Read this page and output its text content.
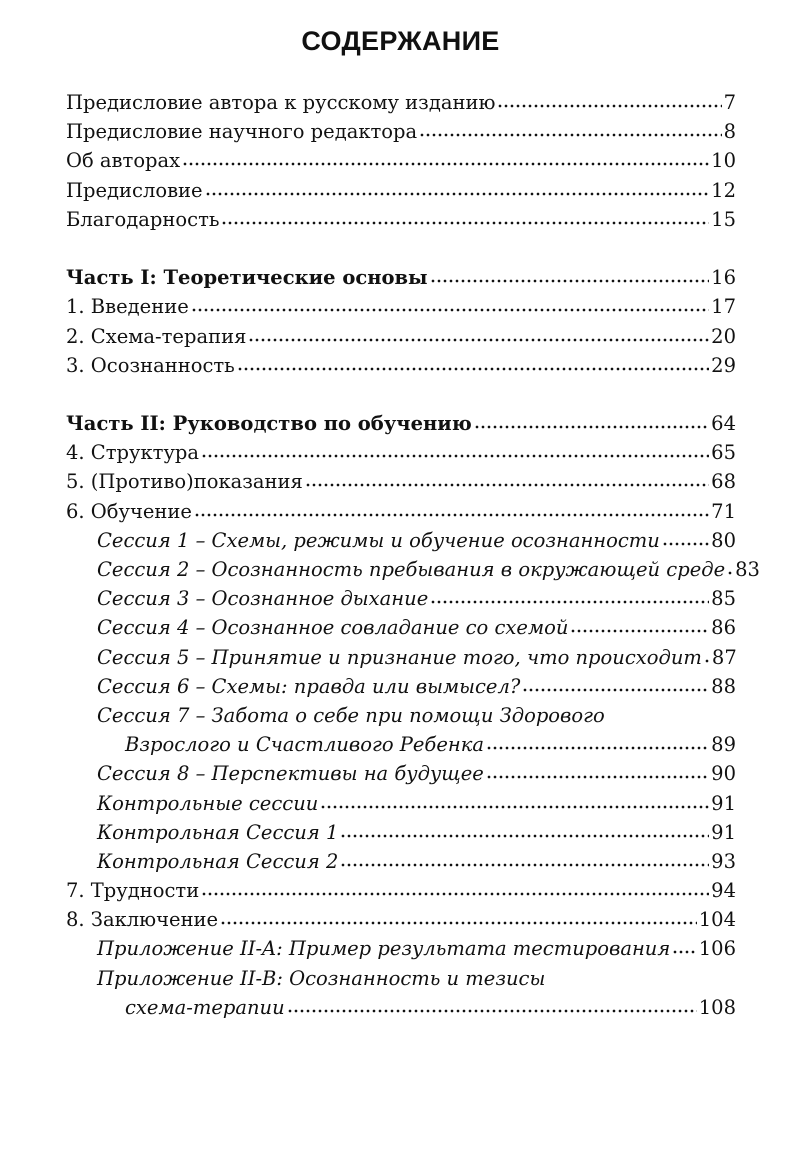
СОДЕРЖАНИЕ
Предисловие автора к русскому изданию	7
Предисловие научного редактора	8
Об авторах	10
Предисловие	12
Благодарность	15
Часть I: Теоретические основы	16
1. Введение	17
2. Схема-терапия	20
3. Осознанность	29
Часть II: Руководство по обучению	64
4. Структура	65
5. (Противо)показания	68
6. Обучение	71
Сессия 1 – Схемы, режимы и обучение осознанности	80
Сессия 2 – Осознанность пребывания в окружающей среде 83
Сессия 3 – Осознанное дыхание	85
Сессия 4 – Осознанное совладание со схемой	86
Сессия 5 – Принятие и признание того, что происходит 87
Сессия 6 – Схемы: правда или вымысел?	88
Сессия 7 – Забота о себе при помощи Здорового
Взрослого и Счастливого Ребенка	89
Сессия 8 – Перспективы на будущее	90
Контрольные сессии	91
Контрольная Сессия 1	91
Контрольная Сессия 2	93
7. Трудности	94
8. Заключение	104
Приложение II-A: Пример результата тестирования 106
Приложение II-B: Осознанность и тезисы
схема-терапии	108
